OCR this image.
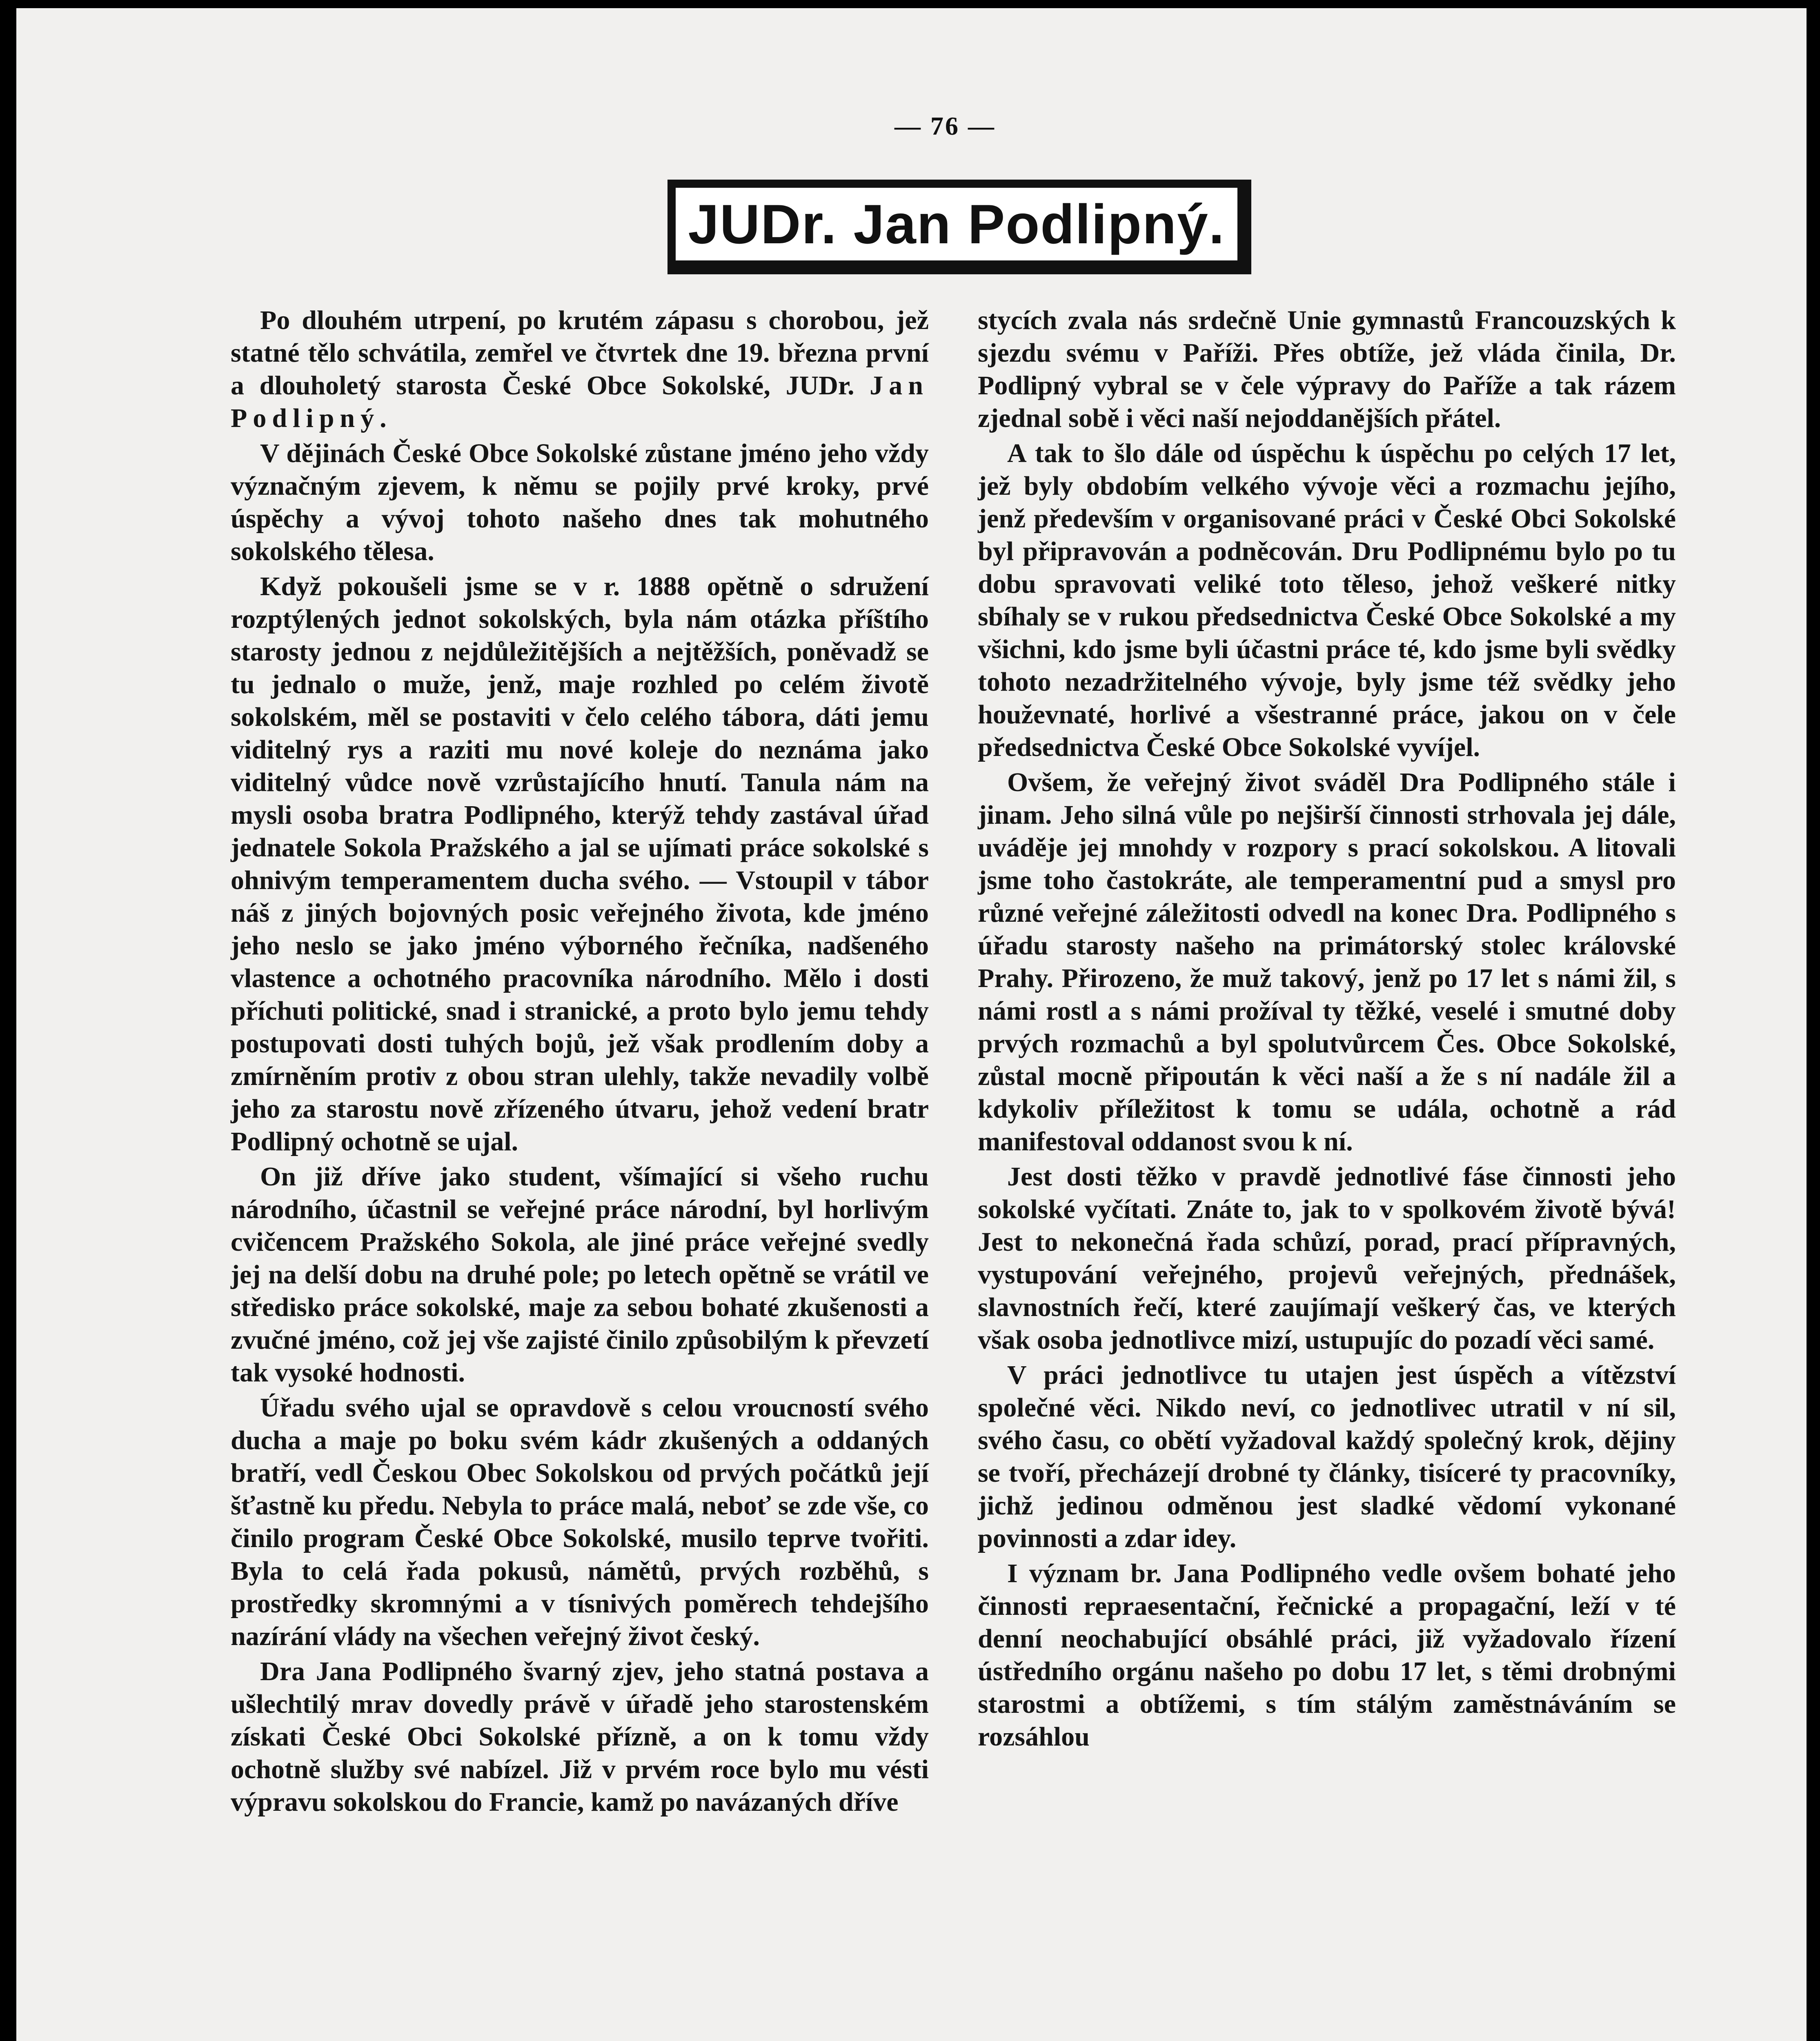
— 76 —
JUDr. Jan Podlipný.

Po dlouhém utrpení, po krutém zápasu s chorobou, jež statné tělo schvátila, zemřel ve čtvrtek dne 19. března první a dlouholetý starosta České Obce Sokolské, JUDr. Jan Podlipný.

V dějinách České Obce Sokolské zůstane jméno jeho vždy význačným zjevem, k němu se pojily prvé kroky, prvé úspěchy a vývoj tohoto našeho dnes tak mohutného sokolského tělesa.

Když pokoušeli jsme se v r. 1888 opětně o sdružení rozptýlených jednot sokolských, byla nám otázka příštího starosty jednou z nejdůležitějších a nejtěžších, poněvadž se tu jednalo o muže, jenž, maje rozhled po celém životě sokolském, měl se postaviti v čelo celého tábora, dáti jemu viditelný rys a raziti mu nové koleje do neznáma jako viditelný vůdce nově vzrůstajícího hnutí. Tanula nám na mysli osoba bratra Podlipného, kterýž tehdy zastával úřad jednatele Sokola Pražského a jal se ujímati práce sokolské s ohnivým temperamentem ducha svého. — Vstoupil v tábor náš z jiných bojovných posic veřejného života, kde jméno jeho neslo se jako jméno výborného řečníka, nadšeného vlastence a ochotného pracovníka národního. Mělo i dosti příchuti politické, snad i stranické, a proto bylo jemu tehdy postupovati dosti tuhých bojů, jež však prodlením doby a zmírněním protiv z obou stran ulehly, takže nevadily volbě jeho za starostu nově zřízeného útvaru, jehož vedení bratr Podlipný ochotně se ujal.

On již dříve jako student, všímající si všeho ruchu národního, účastnil se veřejné práce národní, byl horlivým cvičencem Pražského Sokola, ale jiné práce veřejné svedly jej na delší dobu na druhé pole; po letech opětně se vrátil ve středisko práce sokolské, maje za sebou bohaté zkušenosti a zvučné jméno, což jej vše zajisté činilo způsobilým k převzetí tak vysoké hodnosti.

Úřadu svého ujal se opravdově s celou vroucností svého ducha a maje po boku svém kádr zkušených a oddaných bratří, vedl Českou Obec Sokolskou od prvých počátků její šťastně ku předu. Nebyla to práce malá, neboť se zde vše, co činilo program České Obce Sokolské, musilo teprve tvořiti. Byla to celá řada pokusů, námětů, prvých rozběhů, s prostředky skromnými a v tísnivých poměrech tehdejšího nazírání vlády na všechen veřejný život český.

Dra Jana Podlipného švarný zjev, jeho statná postava a ušlechtilý mrav dovedly právě v úřadě jeho starostenském získati České Obci Sokolské přízně, a on k tomu vždy ochotně služby své nabízel. Již v prvém roce bylo mu vésti výpravu sokolskou do Francie, kamž po navázaných dříve

stycích zvala nás srdečně Unie gymnastů Francouzských k sjezdu svému v Paříži. Přes obtíže, jež vláda činila, Dr. Podlipný vybral se v čele výpravy do Paříže a tak rázem zjednal sobě i věci naší nejoddanějších přátel.

A tak to šlo dále od úspěchu k úspěchu po celých 17 let, jež byly obdobím velkého vývoje věci a rozmachu jejího, jenž především v organisované práci v České Obci Sokolské byl připravován a podněcován. Dru Podlipnému bylo po tu dobu spravovati veliké toto těleso, jehož veškeré nitky sbíhaly se v rukou předsednictva České Obce Sokolské a my všichni, kdo jsme byli účastni práce té, kdo jsme byli svědky tohoto nezadržitelného vývoje, byly jsme též svědky jeho houževnaté, horlivé a všestranné práce, jakou on v čele předsednictva České Obce Sokolské vyvíjel.

Ovšem, že veřejný život sváděl Dra Podlipného stále i jinam. Jeho silná vůle po nejširší činnosti strhovala jej dále, uváděje jej mnohdy v rozpory s prací sokolskou. A litovali jsme toho častokráte, ale temperamentní pud a smysl pro různé veřejné záležitosti odvedl na konec Dra. Podlipného s úřadu starosty našeho na primátorský stolec královské Prahy. Přirozeno, že muž takový, jenž po 17 let s námi žil, s námi rostl a s námi prožíval ty těžké, veselé i smutné doby prvých rozmachů a byl spolutvůrcem Čes. Obce Sokolské, zůstal mocně připoután k věci naší a že s ní nadále žil a kdykoliv příležitost k tomu se udála, ochotně a rád manifestoval oddanost svou k ní.

Jest dosti těžko v pravdě jednotlivé fáse činnosti jeho sokolské vyčítati. Znáte to, jak to v spolkovém životě bývá! Jest to nekonečná řada schůzí, porad, prací přípravných, vystupování veřejného, projevů veřejných, přednášek, slavnostních řečí, které zaujímají veškerý čas, ve kterých však osoba jednotlivce mizí, ustupujíc do pozadí věci samé.

V práci jednotlivce tu utajen jest úspěch a vítězství společné věci. Nikdo neví, co jednotlivec utratil v ní sil, svého času, co obětí vyžadoval každý společný krok, dějiny se tvoří, přecházejí drobné ty články, tisíceré ty pracovníky, jichž jedinou odměnou jest sladké vědomí vykonané povinnosti a zdar idey.

I význam br. Jana Podlipného vedle ovšem bohaté jeho činnosti repraesentační, řečnické a propagační, leží v té denní neochabující obsáhlé práci, již vyžadovalo řízení ústředního orgánu našeho po dobu 17 let, s těmi drobnými starostmi a obtížemi, s tím stálým zaměstnáváním se rozsáhlou
